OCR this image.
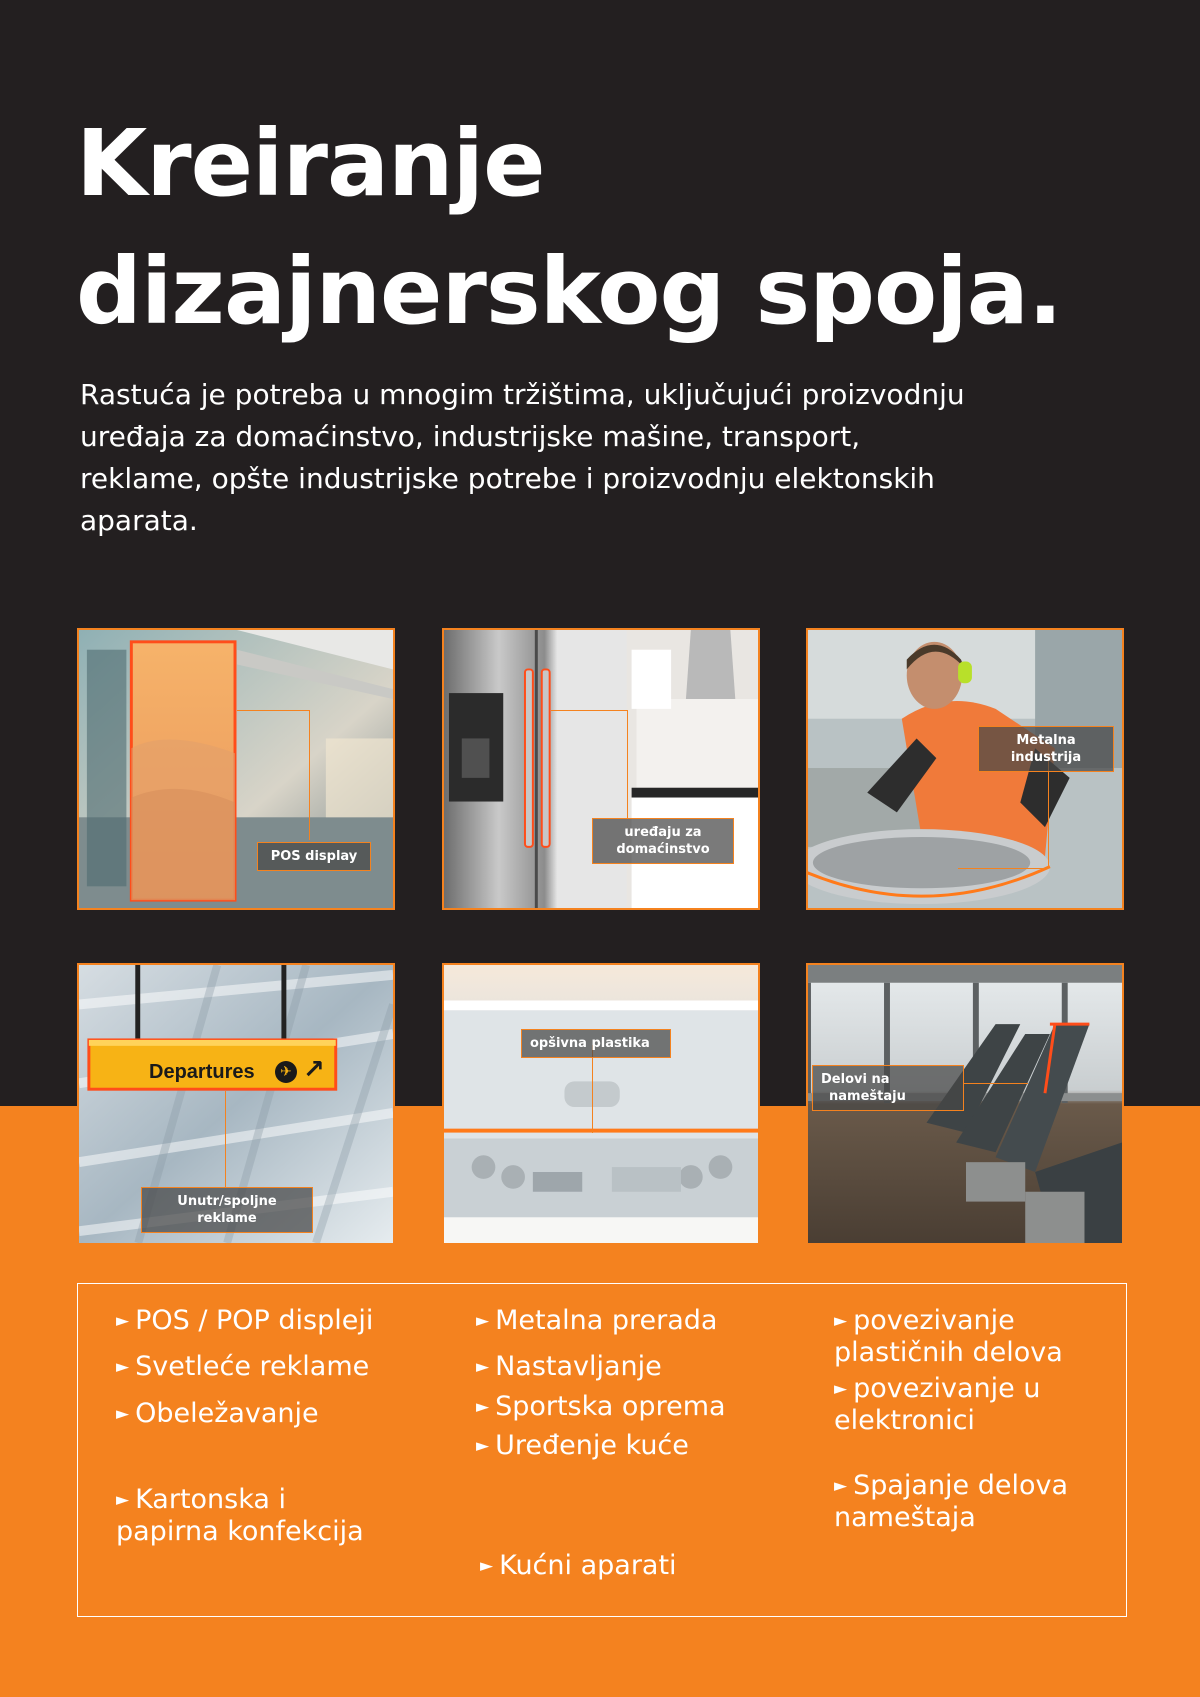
Kreiranje
dizajnerskog spoja.

Rastuća je potreba u mnogim tržištima, uključujući proizvodnju uređaja za domaćinstvo, industrijske mašine, transport, reklame, opšte industrijske potrebe i proizvodnju elektonskih aparata.

POS display
uređaju za
domaćinstvo
Metalna industrija
Departures	✈ ↗
Unutr/spoljne reklame
opšivna plastika
Delovi na
nameštaju

► POS / POP displeji

► Svetleće reklame

► Obeležavanje

► Kartonska i
papirna konfekcija

► Metalna prerada

► Nastavljanje

► Sportska oprema

► Uređenje kuće

► Kućni aparati

► povezivanje
plastičnih delova

► povezivanje u
elektronici

► Spajanje delova
nameštaja
